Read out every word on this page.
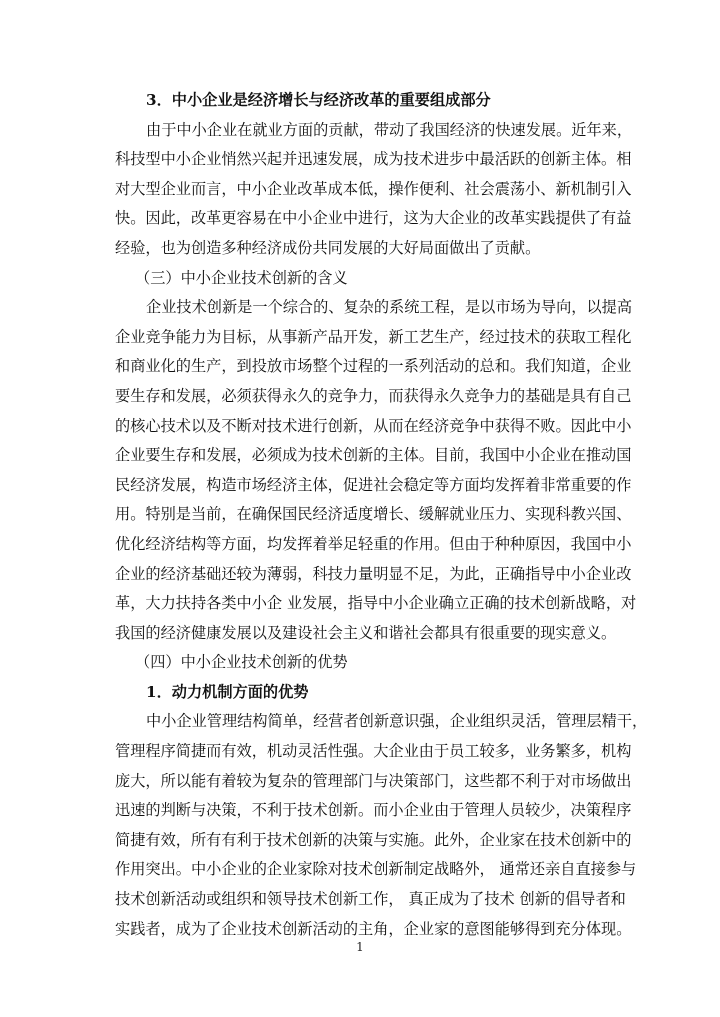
3．中小企业是经济增长与经济改革的重要组成部分
由于中小企业在就业方面的贡献，带动了我国经济的快速发展。近年来，
科技型中小企业悄然兴起并迅速发展，成为技术进步中最活跃的创新主体。相
对大型企业而言，中小企业改革成本低，操作便利、社会震荡小、新机制引入
快。因此，改革更容易在中小企业中进行，这为大企业的改革实践提供了有益
经验，也为创造多种经济成份共同发展的大好局面做出了贡献。
（三）中小企业技术创新的含义
企业技术创新是一个综合的、复杂的系统工程，是以市场为导向，以提高
企业竞争能力为目标，从事新产品开发，新工艺生产，经过技术的获取工程化
和商业化的生产，到投放市场整个过程的一系列活动的总和。我们知道，企业
要生存和发展，必须获得永久的竞争力，而获得永久竞争力的基础是具有自己
的核心技术以及不断对技术进行创新，从而在经济竞争中获得不败。因此中小
企业要生存和发展，必须成为技术创新的主体。目前，我国中小企业在推动国
民经济发展，构造市场经济主体，促进社会稳定等方面均发挥着非常重要的作
用。特别是当前，在确保国民经济适度增长、缓解就业压力、实现科教兴国、
优化经济结构等方面，均发挥着举足轻重的作用。但由于种种原因，我国中小
企业的经济基础还较为薄弱，科技力量明显不足，为此，正确指导中小企业改
革，大力扶持各类中小企 业发展，指导中小企业确立正确的技术创新战略，对
我国的经济健康发展以及建设社会主义和谐社会都具有很重要的现实意义。
（四）中小企业技术创新的优势
1．动力机制方面的优势
中小企业管理结构简单，经营者创新意识强，企业组织灵活，管理层精干，
管理程序简捷而有效，机动灵活性强。大企业由于员工较多，业务繁多，机构
庞大，所以能有着较为复杂的管理部门与决策部门，这些都不利于对市场做出
迅速的判断与决策，不利于技术创新。而小企业由于管理人员较少，决策程序
简捷有效，所有有利于技术创新的决策与实施。此外，企业家在技术创新中的
作用突出。中小企业的企业家除对技术创新制定战略外， 通常还亲自直接参与
技术创新活动或组织和领导技术创新工作， 真正成为了技术 创新的倡导者和
实践者，成为了企业技术创新活动的主角，企业家的意图能够得到充分体现。
1
